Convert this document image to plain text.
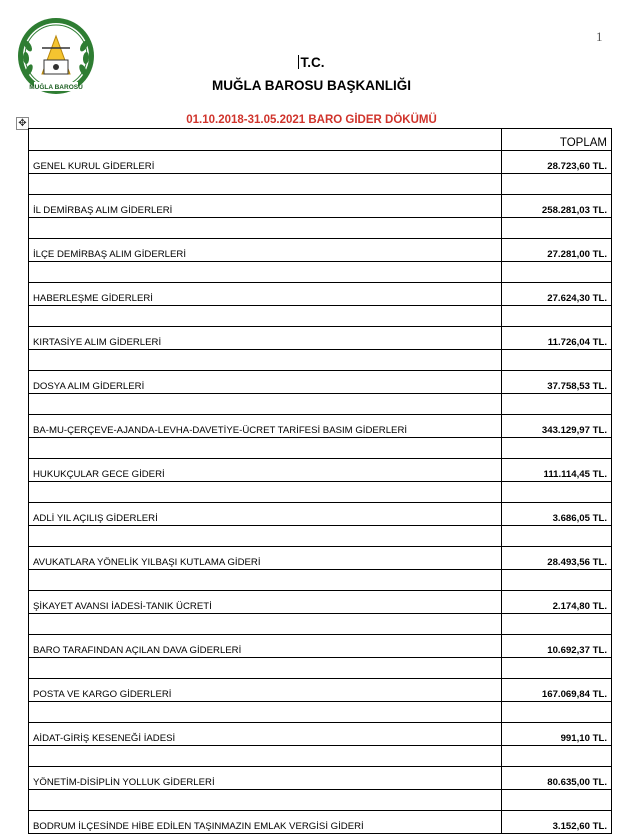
MUĞLA BAROSU
1
T.C.
MUĞLA BAROSU BAŞKANLIĞI
01.10.2018-31.05.2021 BARO GİDER DÖKÜMÜ
✥
	TOPLAM
GENEL KURUL GİDERLERİ	28.723,60 TL.

İL DEMİRBAŞ ALIM GİDERLERİ	258.281,03 TL.

İLÇE DEMİRBAŞ ALIM GİDERLERİ	27.281,00 TL.

HABERLEŞME GİDERLERİ	27.624,30 TL.

KIRTASİYE ALIM GİDERLERİ	11.726,04 TL.

DOSYA ALIM GİDERLERİ	37.758,53 TL.

BA-MU-ÇERÇEVE-AJANDA-LEVHA-DAVETİYE-ÜCRET TARİFESİ BASIM GİDERLERİ	343.129,97 TL.

HUKUKÇULAR GECE GİDERİ	111.114,45 TL.

ADLİ YIL AÇILIŞ GİDERLERİ	3.686,05 TL.

AVUKATLARA YÖNELİK YILBAŞI KUTLAMA GİDERİ	28.493,56 TL.

ŞİKAYET AVANSI İADESİ-TANIK ÜCRETİ	2.174,80 TL.

BARO TARAFINDAN AÇILAN DAVA GİDERLERİ	10.692,37 TL.

POSTA VE KARGO GİDERLERİ	167.069,84 TL.

AİDAT-GİRİŞ KESENEĞİ İADESİ	991,10 TL.

YÖNETİM-DİSİPLİN YOLLUK GİDERLERİ	80.635,00 TL.

BODRUM İLÇESİNDE HİBE EDİLEN TAŞINMAZIN EMLAK VERGİSİ GİDERİ	3.152,60 TL.
